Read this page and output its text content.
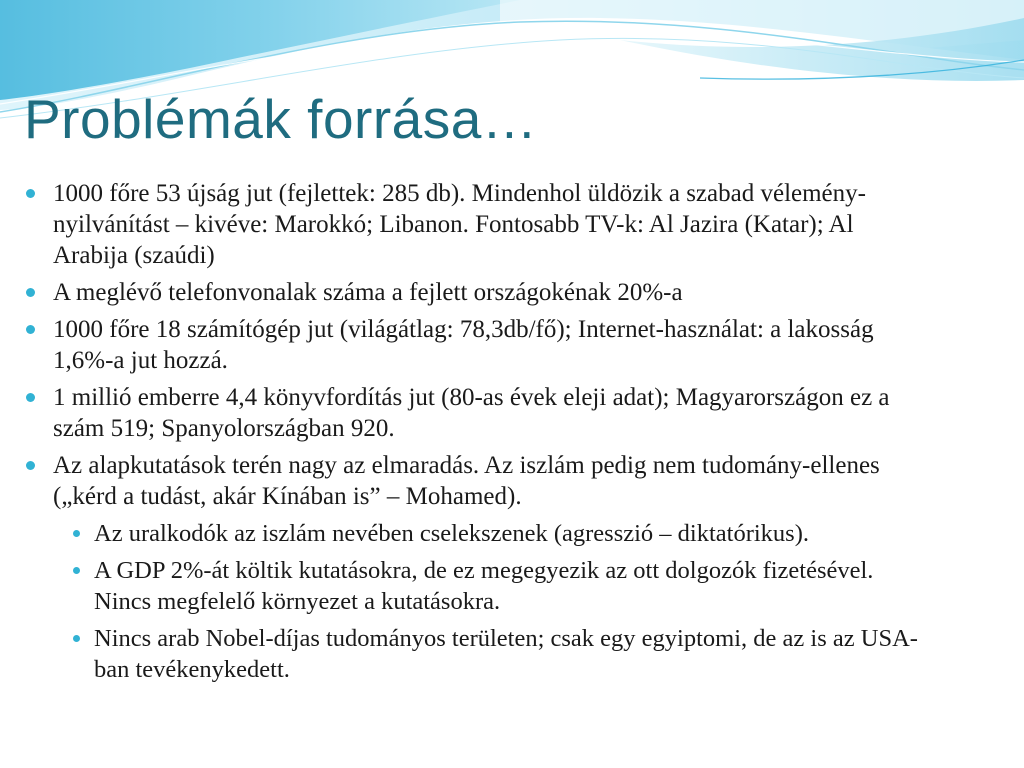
Problémák forrása…
1000 főre 53 újság jut (fejlettek: 285 db). Mindenhol üldözik a szabad vélemény-nyilvánítást – kivéve: Marokkó; Libanon. Fontosabb TV-k: Al Jazira (Katar); Al Arabija (szaúdi)
A meglévő telefonvonalak száma a fejlett országokénak 20%-a
1000 főre 18 számítógép jut (világátlag: 78,3db/fő); Internet-használat: a lakosság 1,6%-a jut hozzá.
1 millió emberre 4,4 könyvfordítás jut (80-as évek eleji adat); Magyarországon ez a szám 519; Spanyolországban 920.
Az alapkutatások terén nagy az elmaradás. Az iszlám pedig nem tudomány-ellenes („kérd a tudást, akár Kínában is” – Mohamed).
Az uralkodók az iszlám nevében cselekszenek (agresszió – diktatórikus).
A GDP 2%-át költik kutatásokra, de ez megegyezik az ott dolgozók fizetésével. Nincs megfelelő környezet a kutatásokra.
Nincs arab Nobel-díjas tudományos területen; csak egy egyiptomi, de az is az USA-ban tevékenykedett.
